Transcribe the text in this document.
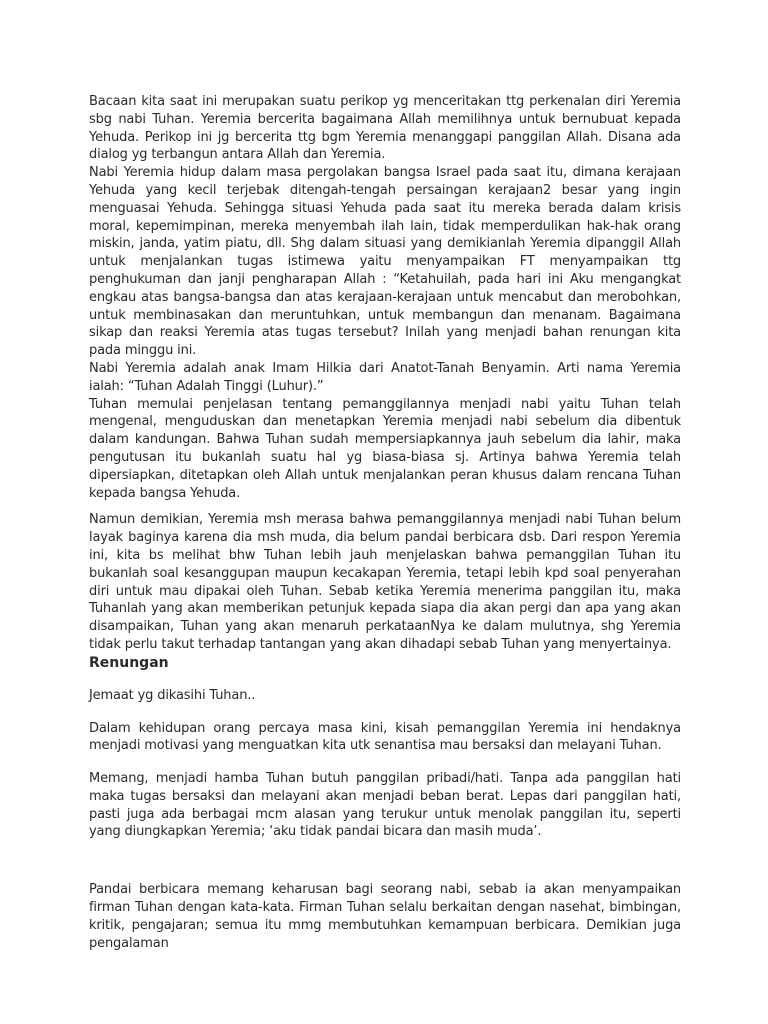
Bacaan kita saat ini merupakan suatu perikop yg menceritakan ttg perkenalan diri Yeremia sbg nabi Tuhan. Yeremia bercerita bagaimana Allah memilihnya untuk bernubuat kepada Yehuda. Perikop ini jg bercerita ttg bgm Yeremia menanggapi panggilan Allah. Disana ada dialog yg terbangun antara Allah dan Yeremia.

Nabi Yeremia hidup dalam masa pergolakan bangsa Israel pada saat itu, dimana kerajaan Yehuda yang kecil terjebak ditengah-tengah persaingan kerajaan2 besar yang ingin menguasai Yehuda. Sehingga situasi Yehuda pada saat itu mereka berada dalam krisis moral, kepemimpinan, mereka menyembah ilah lain, tidak memperdulikan hak-hak orang miskin, janda, yatim piatu, dll. Shg dalam situasi yang demikianlah Yeremia dipanggil Allah untuk menjalankan tugas istimewa yaitu menyampaikan FT menyampaikan ttg penghukuman dan janji pengharapan Allah : “Ketahuilah, pada hari ini Aku mengangkat engkau atas bangsa-bangsa dan atas kerajaan-kerajaan untuk mencabut dan merobohkan, untuk membinasakan dan meruntuhkan, untuk membangun dan menanam. Bagaimana sikap dan reaksi Yeremia atas tugas tersebut? Inilah yang menjadi bahan renungan kita pada minggu ini.

Nabi Yeremia adalah anak Imam Hilkia dari Anatot-Tanah Benyamin. Arti nama Yeremia ialah: “Tuhan Adalah Tinggi (Luhur).”

Tuhan memulai penjelasan tentang pemanggilannya menjadi nabi yaitu Tuhan telah mengenal, menguduskan dan menetapkan Yeremia menjadi nabi sebelum dia dibentuk dalam kandungan. Bahwa Tuhan sudah mempersiapkannya jauh sebelum dia lahir, maka pengutusan itu bukanlah suatu hal yg biasa-biasa sj. Artinya bahwa Yeremia telah dipersiapkan, ditetapkan oleh Allah untuk menjalankan peran khusus dalam rencana Tuhan kepada bangsa Yehuda.

Namun demikian, Yeremia msh merasa bahwa pemanggilannya menjadi nabi Tuhan belum layak baginya karena dia msh muda, dia belum pandai berbicara dsb. Dari respon Yeremia ini, kita bs melihat bhw Tuhan lebih jauh menjelaskan bahwa pemanggilan Tuhan itu bukanlah soal kesanggupan maupun kecakapan Yeremia, tetapi lebih kpd soal penyerahan diri untuk mau dipakai oleh Tuhan. Sebab ketika Yeremia menerima panggilan itu, maka Tuhanlah yang akan memberikan petunjuk kepada siapa dia akan pergi dan apa yang akan disampaikan, Tuhan yang akan menaruh perkataanNya ke dalam mulutnya, shg Yeremia tidak perlu takut terhadap tantangan yang akan dihadapi sebab Tuhan yang menyertainya.

Renungan

Jemaat yg dikasihi Tuhan..

Dalam kehidupan orang percaya masa kini, kisah pemanggilan Yeremia ini hendaknya menjadi motivasi yang menguatkan kita utk senantisa mau bersaksi dan melayani Tuhan.

Memang, menjadi hamba Tuhan butuh panggilan pribadi/hati. Tanpa ada panggilan hati maka tugas bersaksi dan melayani akan menjadi beban berat. Lepas dari panggilan hati, pasti juga ada berbagai mcm alasan yang terukur untuk menolak panggilan itu, seperti yang diungkapkan Yeremia; ‘aku tidak pandai bicara dan masih muda’.

Pandai berbicara memang keharusan bagi seorang nabi, sebab ia akan menyampaikan firman Tuhan dengan kata-kata. Firman Tuhan selalu berkaitan dengan nasehat, bimbingan, kritik, pengajaran; semua itu mmg membutuhkan kemampuan berbicara. Demikian juga pengalaman
